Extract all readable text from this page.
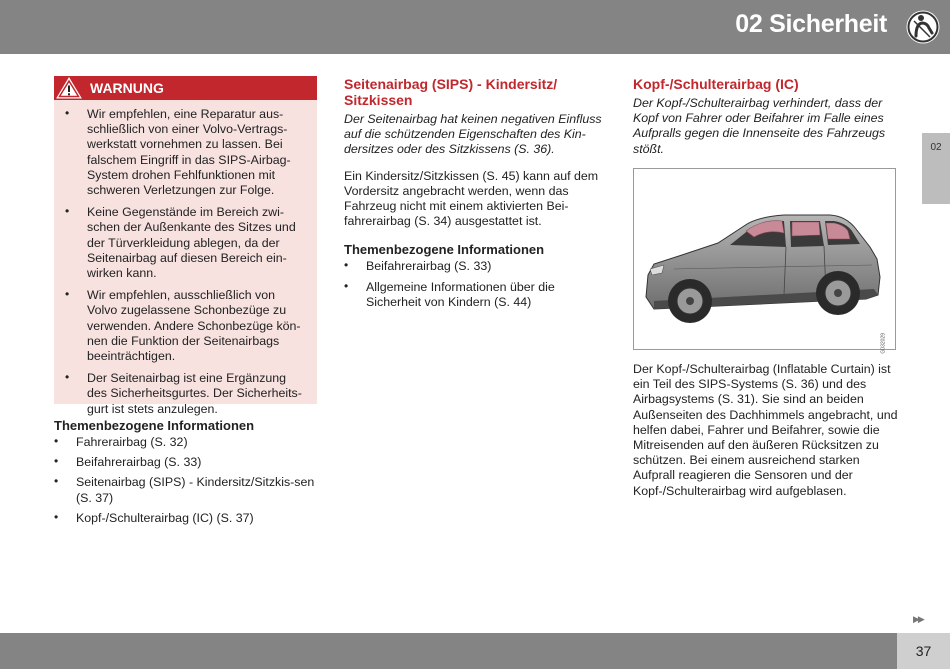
02 Sicherheit
02
WARNUNG
• Wir empfehlen, eine Reparatur aus-schließlich von einer Volvo-Vertrags-werkstatt vornehmen zu lassen. Bei falschem Eingriff in das SIPS-Airbag-System drohen Fehlfunktionen mit schweren Verletzungen zur Folge.
• Keine Gegenstände im Bereich zwi-schen der Außenkante des Sitzes und der Türverkleidung ablegen, da der Seitenairbag auf diesen Bereich ein-wirken kann.
• Wir empfehlen, ausschließlich von Volvo zugelassene Schonbezüge zu verwenden. Andere Schonbezüge kön-nen die Funktion der Seitenairbags beeinträchtigen.
• Der Seitenairbag ist eine Ergänzung des Sicherheitsgurtes. Der Sicherheits-gurt ist stets anzulegen.
Themenbezogene Informationen
• Fahrerairbag (S. 32)
• Beifahrerairbag (S. 33)
• Seitenairbag (SIPS) - Kindersitz/Sitzkis-sen (S. 37)
• Kopf-/Schulterairbag (IC) (S. 37)
Seitenairbag (SIPS) - Kindersitz/ Sitzkissen
Der Seitenairbag hat keinen negativen Einfluss auf die schützenden Eigenschaften des Kin-dersitzes oder des Sitzkissens (S. 36).
Ein Kindersitz/Sitzkissen (S. 45) kann auf dem Vordersitz angebracht werden, wenn das Fahrzeug nicht mit einem aktivierten Bei-fahrerairbag (S. 34) ausgestattet ist.
Themenbezogene Informationen
• Beifahrerairbag (S. 33)
• Allgemeine Informationen über die Sicherheit von Kindern (S. 44)
Kopf-/Schulterairbag (IC)
Der Kopf-/Schulterairbag verhindert, dass der Kopf von Fahrer oder Beifahrer im Falle eines Aufpralls gegen die Innenseite des Fahrzeugs stößt.
G032029
Der Kopf-/Schulterairbag (Inflatable Curtain) ist ein Teil des SIPS-Systems (S. 36) und des Airbagsystems (S. 31). Sie sind an beiden Außenseiten des Dachhimmels angebracht, und helfen dabei, Fahrer und Beifahrer, sowie die Mitreisenden auf den äußeren Rücksitzen zu schützen. Bei einem ausreichend starken Aufprall reagieren die Sensoren und der Kopf-/Schulterairbag wird aufgeblasen.
▶▶
37
